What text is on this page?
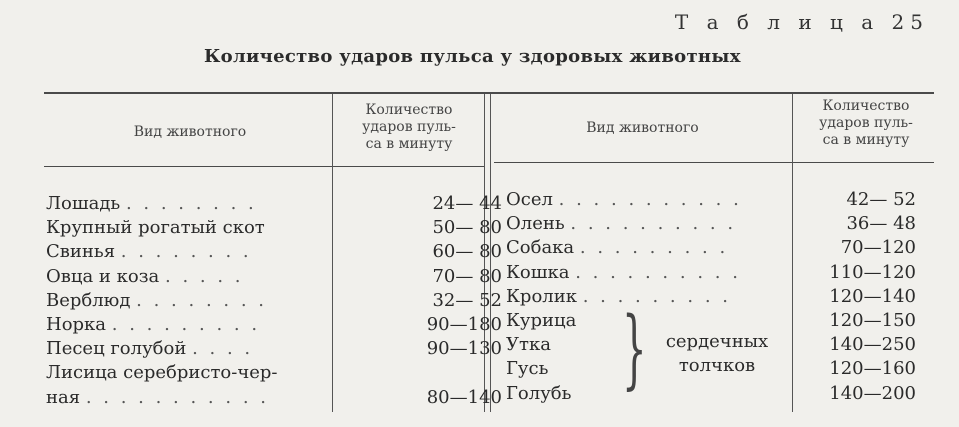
Т а б л и ц а 25
Количество ударов пульса у здоровых животных
Вид животного
Количество
ударов пуль-
са в минуту
Вид животного
Количество
ударов пуль-
са в минуту
Лошадь . . . . . . . .	24— 44
Крупный рогатый скот	50— 80
Свинья . . . . . . . .	60— 80
Овца и коза . . . . .	70— 80
Верблюд . . . . . . . .	32— 52
Норка . . . . . . . . .	90—180
Песец голубой . . . .	90—130
Лисица серебристо-чер-
ная . . . . . . . . . . .	80—140
Осел . . . . . . . . . . .	42— 52
Олень . . . . . . . . . .	36— 48
Собака . . . . . . . . .	70—120
Кошка . . . . . . . . . .	110—120
Кролик . . . . . . . . .	120—140
Курица	120—150
Утка	140—250
Гусь	120—160
Голубь	140—200
}	сердечных
толчков
